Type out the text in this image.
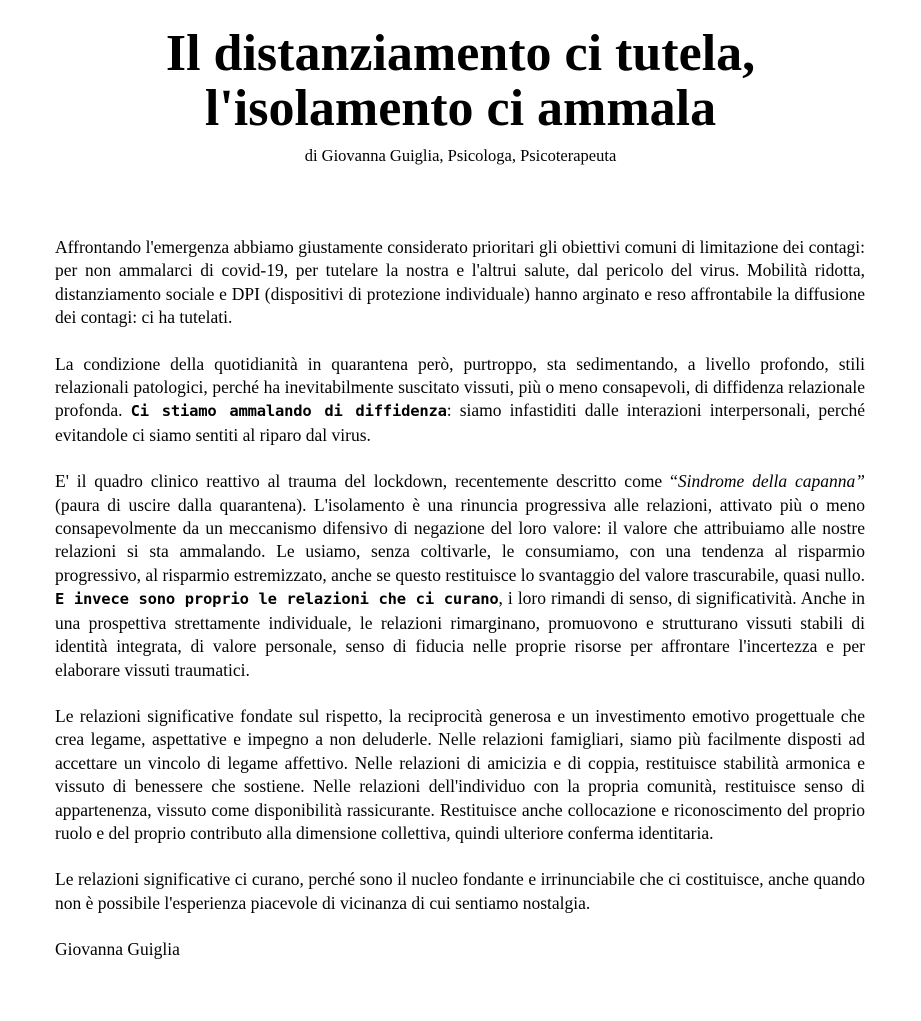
Il distanziamento ci tutela,
l'isolamento ci ammala

di Giovanna Guiglia, Psicologa, Psicoterapeuta

Affrontando l'emergenza abbiamo giustamente considerato prioritari gli obiettivi comuni di limitazione dei contagi: per non ammalarci di covid-19, per tutelare la nostra e l'altrui salute, dal pericolo del virus. Mobilità ridotta, distanziamento sociale e DPI (dispositivi di protezione individuale) hanno arginato e reso affrontabile la diffusione dei contagi: ci ha tutelati.

La condizione della quotidianità in quarantena però, purtroppo, sta sedimentando, a livello profondo, stili relazionali patologici, perché ha inevitabilmente suscitato vissuti, più o meno consapevoli, di diffidenza relazionale profonda. Ci stiamo ammalando di diffidenza: siamo infastiditi dalle interazioni interpersonali, perché evitandole ci siamo sentiti al riparo dal virus.

E' il quadro clinico reattivo al trauma del lockdown, recentemente descritto come “Sindrome della capanna” (paura di uscire dalla quarantena). L'isolamento è una rinuncia progressiva alle relazioni, attivato più o meno consapevolmente da un meccanismo difensivo di negazione del loro valore: il valore che attribuiamo alle nostre relazioni si sta ammalando. Le usiamo, senza coltivarle, le consumiamo, con una tendenza al risparmio progressivo, al risparmio estremizzato, anche se questo restituisce lo svantaggio del valore trascurabile, quasi nullo. E invece sono proprio le relazioni che ci curano, i loro rimandi di senso, di significatività. Anche in una prospettiva strettamente individuale, le relazioni rimarginano, promuovono e strutturano vissuti stabili di identità integrata, di valore personale, senso di fiducia nelle proprie risorse per affrontare l'incertezza e per elaborare vissuti traumatici.

Le relazioni significative fondate sul rispetto, la reciprocità generosa e un investimento emotivo progettuale che crea legame, aspettative e impegno a non deluderle. Nelle relazioni famigliari, siamo più facilmente disposti ad accettare un vincolo di legame affettivo. Nelle relazioni di amicizia e di coppia, restituisce stabilità armonica e vissuto di benessere che sostiene. Nelle relazioni dell'individuo con la propria comunità, restituisce senso di appartenenza, vissuto come disponibilità rassicurante. Restituisce anche collocazione e riconoscimento del proprio ruolo e del proprio contributo alla dimensione collettiva, quindi ulteriore conferma identitaria.

Le relazioni significative ci curano, perché sono il nucleo fondante e irrinunciabile che ci costituisce, anche quando non è possibile l'esperienza piacevole di vicinanza di cui sentiamo nostalgia.

Giovanna Guiglia
